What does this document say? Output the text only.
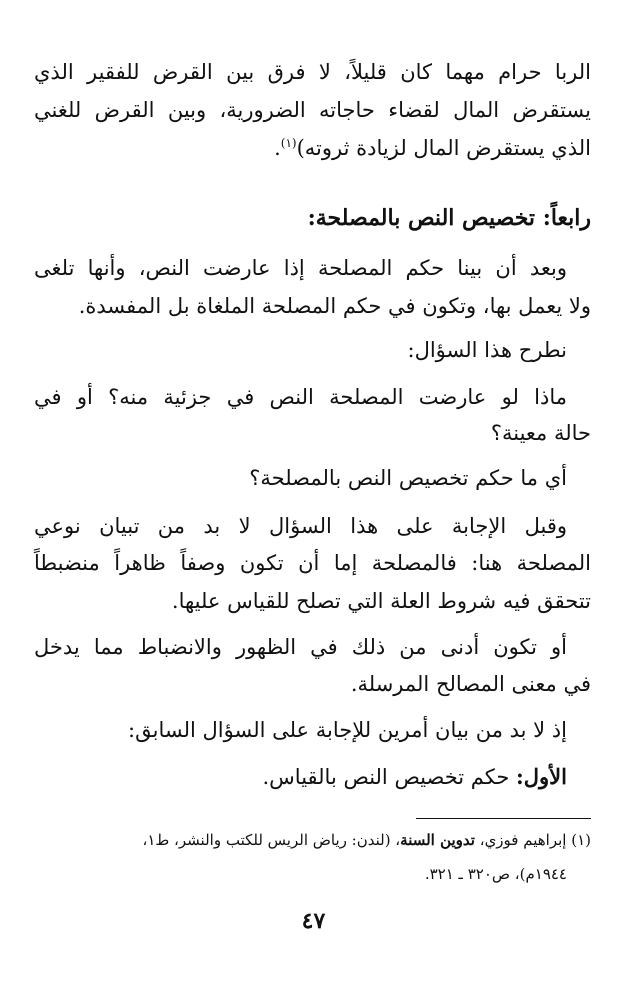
الربا حرام مهما كان قليلاً، لا فرق بين القرض للفقير الذي
يستقرض المال لقضاء حاجاته الضرورية، وبين القرض للغني
الذي يستقرض المال لزيادة ثروته)$^{(١)}$.
رابعاً: تخصيص النص بالمصلحة:
وبعد أن بينا حكم المصلحة إذا عارضت النص، وأنها تلغى
ولا يعمل بها، وتكون في حكم المصلحة الملغاة بل المفسدة.
نطرح هذا السؤال:
ماذا لو عارضت المصلحة النص في جزئية منه؟ أو في
حالة معينة؟
أي ما حكم تخصيص النص بالمصلحة؟
وقبل الإجابة على هذا السؤال لا بد من تبيان نوعي
المصلحة هنا: فالمصلحة إما أن تكون وصفاً ظاهراً منضبطاً
تتحقق فيه شروط العلة التي تصلح للقياس عليها.
أو تكون أدنى من ذلك في الظهور والانضباط مما يدخل
في معنى المصالح المرسلة.
إذ لا بد من بيان أمرين للإجابة على السؤال السابق:
الأول: حكم تخصيص النص بالقياس.
(١) إبراهيم فوزي، تدوين السنة، (لندن: رياض الريس للكتب والنشر، ط١،
١٩٤٤م)، ص٣٢٠ ـ ٣٢١.
٤٧
